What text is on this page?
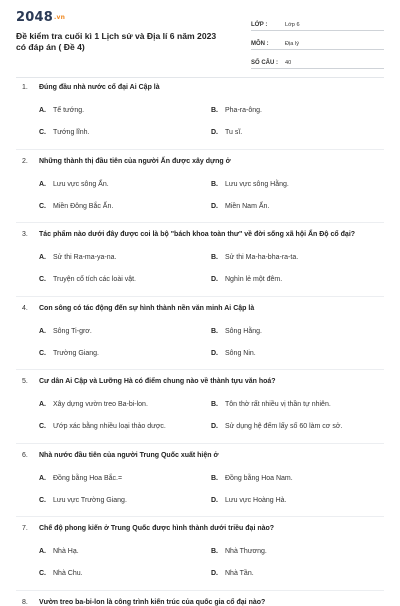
2048.vn
Đề kiểm tra cuối kì 1 Lịch sử và Địa lí 6 năm 2023 có đáp án ( Đề 4)
LỚP :	Lớp 6
MÔN :	Địa lý
SỐ CÂU :	40
1. Đúng đầu nhà nước cổ đại Ai Cập là
A. Tể tướng.	B. Pha-ra-ông.
C. Tướng lĩnh.	D. Tu sĩ.
2. Những thành thị đầu tiên của người Ấn được xây dựng ở
A. Lưu vực sông Ấn.	B. Lưu vực sông Hằng.
C. Miền Đông Bắc Ấn.	D. Miền Nam Ấn.
3. Tác phẩm nào dưới đây được coi là bộ "bách khoa toàn thư" về đời sống xã hội Ấn Độ cổ đại?
A. Sử thi Ra-ma-ya-na.	B. Sử thi Ma-ha-bha-ra-ta.
C. Truyện cổ tích các loài vật.	D. Nghìn lẻ một đêm.
4. Con sông có tác động đến sự hình thành nền văn minh Ai Cập là
A. Sông Ti-grơ.	B. Sông Hằng.
C. Trường Giang.	D. Sông Nin.
5. Cư dân Ai Cập và Lưỡng Hà có điểm chung nào về thành tựu văn hoá?
A. Xây dựng vườn treo Ba-bi-lon.	B. Tôn thờ rất nhiều vị thần tự nhiên.
C. Ướp xác bằng nhiều loại thảo dược.	D. Sử dụng hệ đếm lấy số 60 làm cơ sở.
6. Nhà nước đầu tiên của người Trung Quốc xuất hiện ở
A. Đồng bằng Hoa Bắc.=	B. Đồng bằng Hoa Nam.
C. Lưu vực Trường Giang.	D. Lưu vực Hoàng Hà.
7. Chế độ phong kiến ở Trung Quốc được hình thành dưới triều đại nào?
A. Nhà Hạ.	B. Nhà Thương.
C. Nhà Chu.	D. Nhà Tần.
8. Vườn treo ba-bi-lon là công trình kiến trúc của quốc gia cổ đại nào?
